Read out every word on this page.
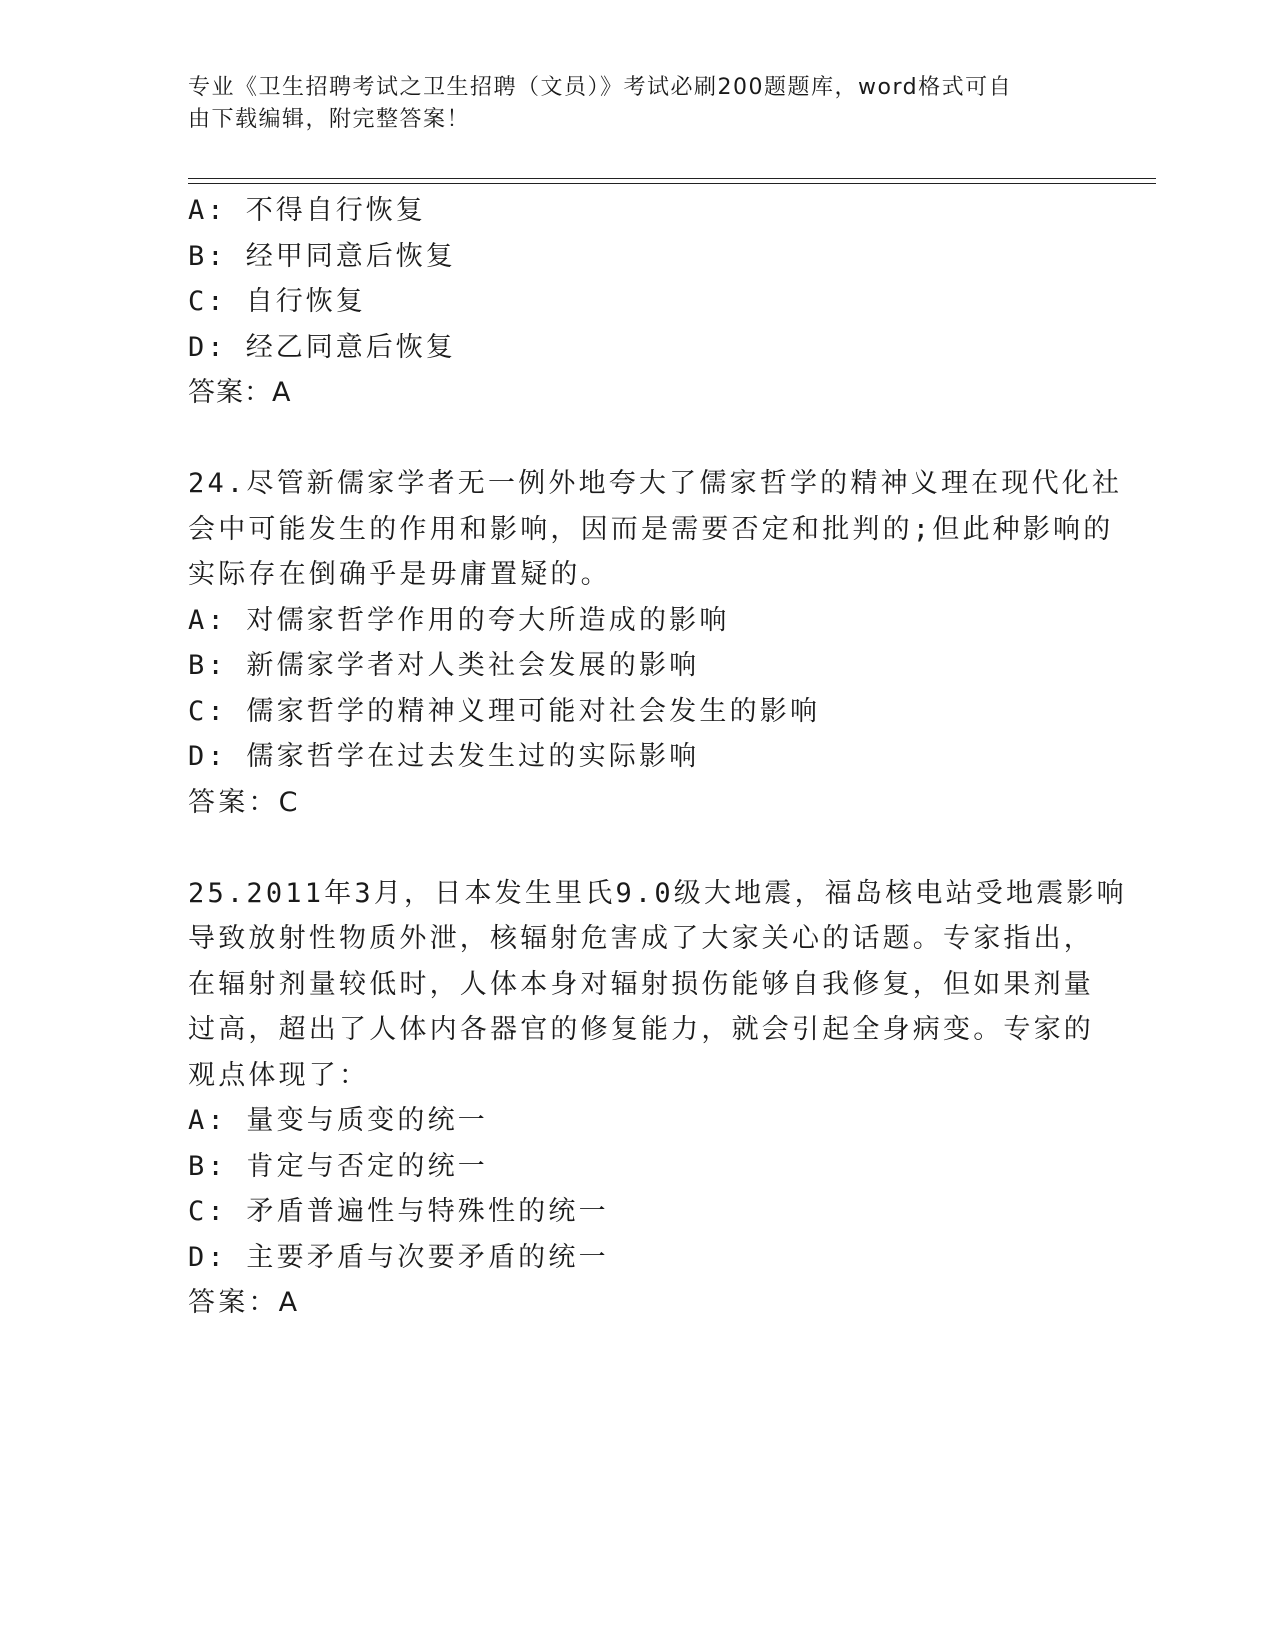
专业《卫生招聘考试之卫生招聘（文员）》考试必刷200题题库，word格式可自
由下载编辑，附完整答案！
A: 不得自行恢复
B: 经甲同意后恢复
C: 自行恢复
D: 经乙同意后恢复
答案：A
24.尽管新儒家学者无一例外地夸大了儒家哲学的精神义理在现代化社
会中可能发生的作用和影响，因而是需要否定和批判的;但此种影响的
实际存在倒确乎是毋庸置疑的。
A: 对儒家哲学作用的夸大所造成的影响
B: 新儒家学者对人类社会发展的影响
C: 儒家哲学的精神义理可能对社会发生的影响
D: 儒家哲学在过去发生过的实际影响
答案：C
25.2011年3月，日本发生里氏9.0级大地震，福岛核电站受地震影响
导致放射性物质外泄，核辐射危害成了大家关心的话题。专家指出，
在辐射剂量较低时，人体本身对辐射损伤能够自我修复，但如果剂量
过高，超出了人体内各器官的修复能力，就会引起全身病变。专家的
观点体现了：
A: 量变与质变的统一
B: 肯定与否定的统一
C: 矛盾普遍性与特殊性的统一
D: 主要矛盾与次要矛盾的统一
答案：A
